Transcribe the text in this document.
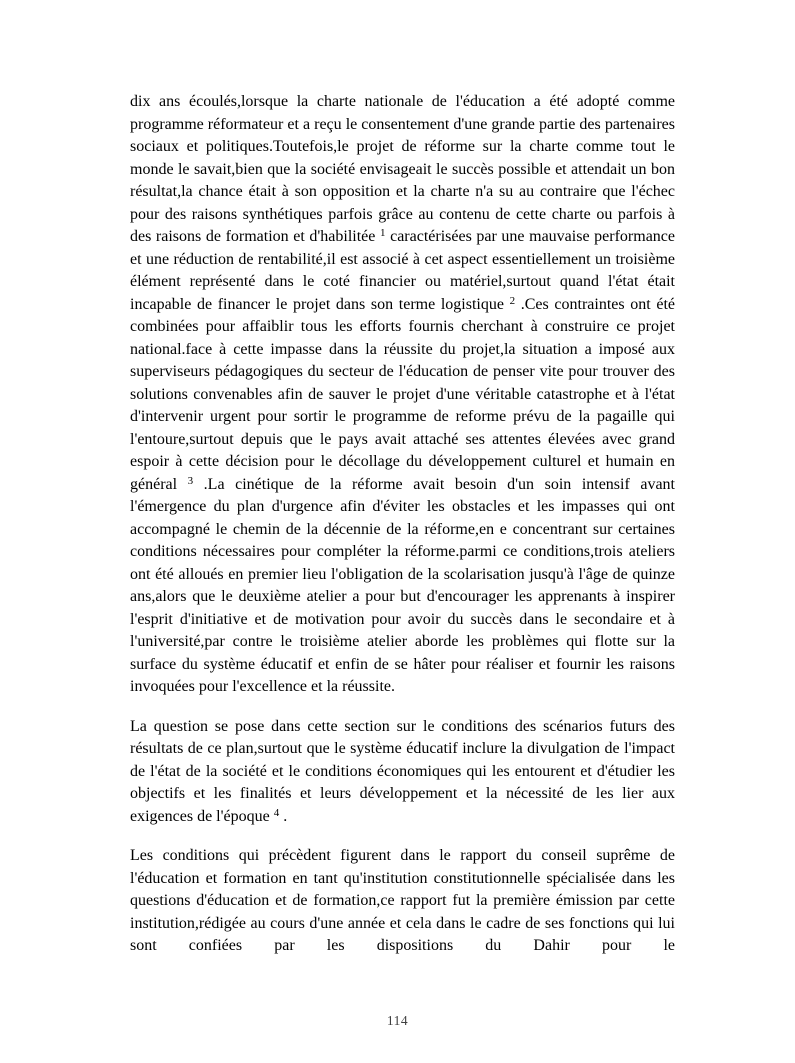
dix ans écoulés,lorsque la charte nationale de l'éducation a été adopté comme programme réformateur et a reçu le consentement d'une grande partie des partenaires sociaux et politiques.Toutefois,le projet de réforme sur la charte comme tout le monde le savait,bien que la société envisageait le succès possible et attendait un bon résultat,la chance était à son opposition et la charte n'a su au contraire que l'échec pour des raisons synthétiques parfois grâce au contenu de cette charte ou parfois à des raisons de formation et d'habilitée $^1$ caractérisées par une mauvaise performance et une réduction de rentabilité,il est associé à cet aspect essentiellement un troisième élément représenté dans le coté financier ou matériel,surtout quand l'état était incapable de financer le projet dans son terme logistique $^2$ .Ces contraintes ont été combinées pour affaiblir tous les efforts fournis cherchant à construire ce projet national.face à cette impasse dans la réussite du projet,la situation a imposé aux superviseurs pédagogiques du secteur de l'éducation de penser vite pour trouver des solutions convenables afin de sauver le projet d'une véritable catastrophe et à l'état d'intervenir urgent pour sortir le programme de reforme prévu de la pagaille qui l'entoure,surtout depuis que le pays avait attaché ses attentes élevées avec grand espoir à cette décision pour le décollage du développement culturel et humain en général $^3$ .La cinétique de la réforme avait besoin d'un soin intensif avant l'émergence du plan d'urgence afin d'éviter les obstacles et les impasses qui ont accompagné le chemin de la décennie de la réforme,en e concentrant sur certaines conditions nécessaires pour compléter la réforme.parmi ce conditions,trois ateliers ont été alloués en premier lieu l'obligation de la scolarisation jusqu'à l'âge de quinze ans,alors que le deuxième atelier a pour but d'encourager les apprenants à inspirer l'esprit d'initiative et de motivation pour avoir du succès dans le secondaire et à l'université,par contre le troisième atelier aborde les problèmes qui flotte sur la surface du système éducatif et enfin de se hâter pour réaliser et fournir les raisons invoquées pour l'excellence et la réussite.

La question se pose dans cette section sur le conditions des scénarios futurs des résultats de ce plan,surtout que le système éducatif inclure la divulgation de l'impact de l'état de la société et le conditions économiques qui les entourent et d'étudier les objectifs et les finalités et leurs développement et la nécessité de les lier aux exigences de l'époque $^4$ .

Les conditions qui précèdent figurent dans le rapport du conseil suprême de l'éducation et formation en tant qu'institution constitutionnelle spécialisée dans les questions d'éducation et de formation,ce rapport fut la première émission par cette institution,rédigée au cours d'une année et cela dans le cadre de ses fonctions qui lui sont confiées par les dispositions du Dahir pour le

114
